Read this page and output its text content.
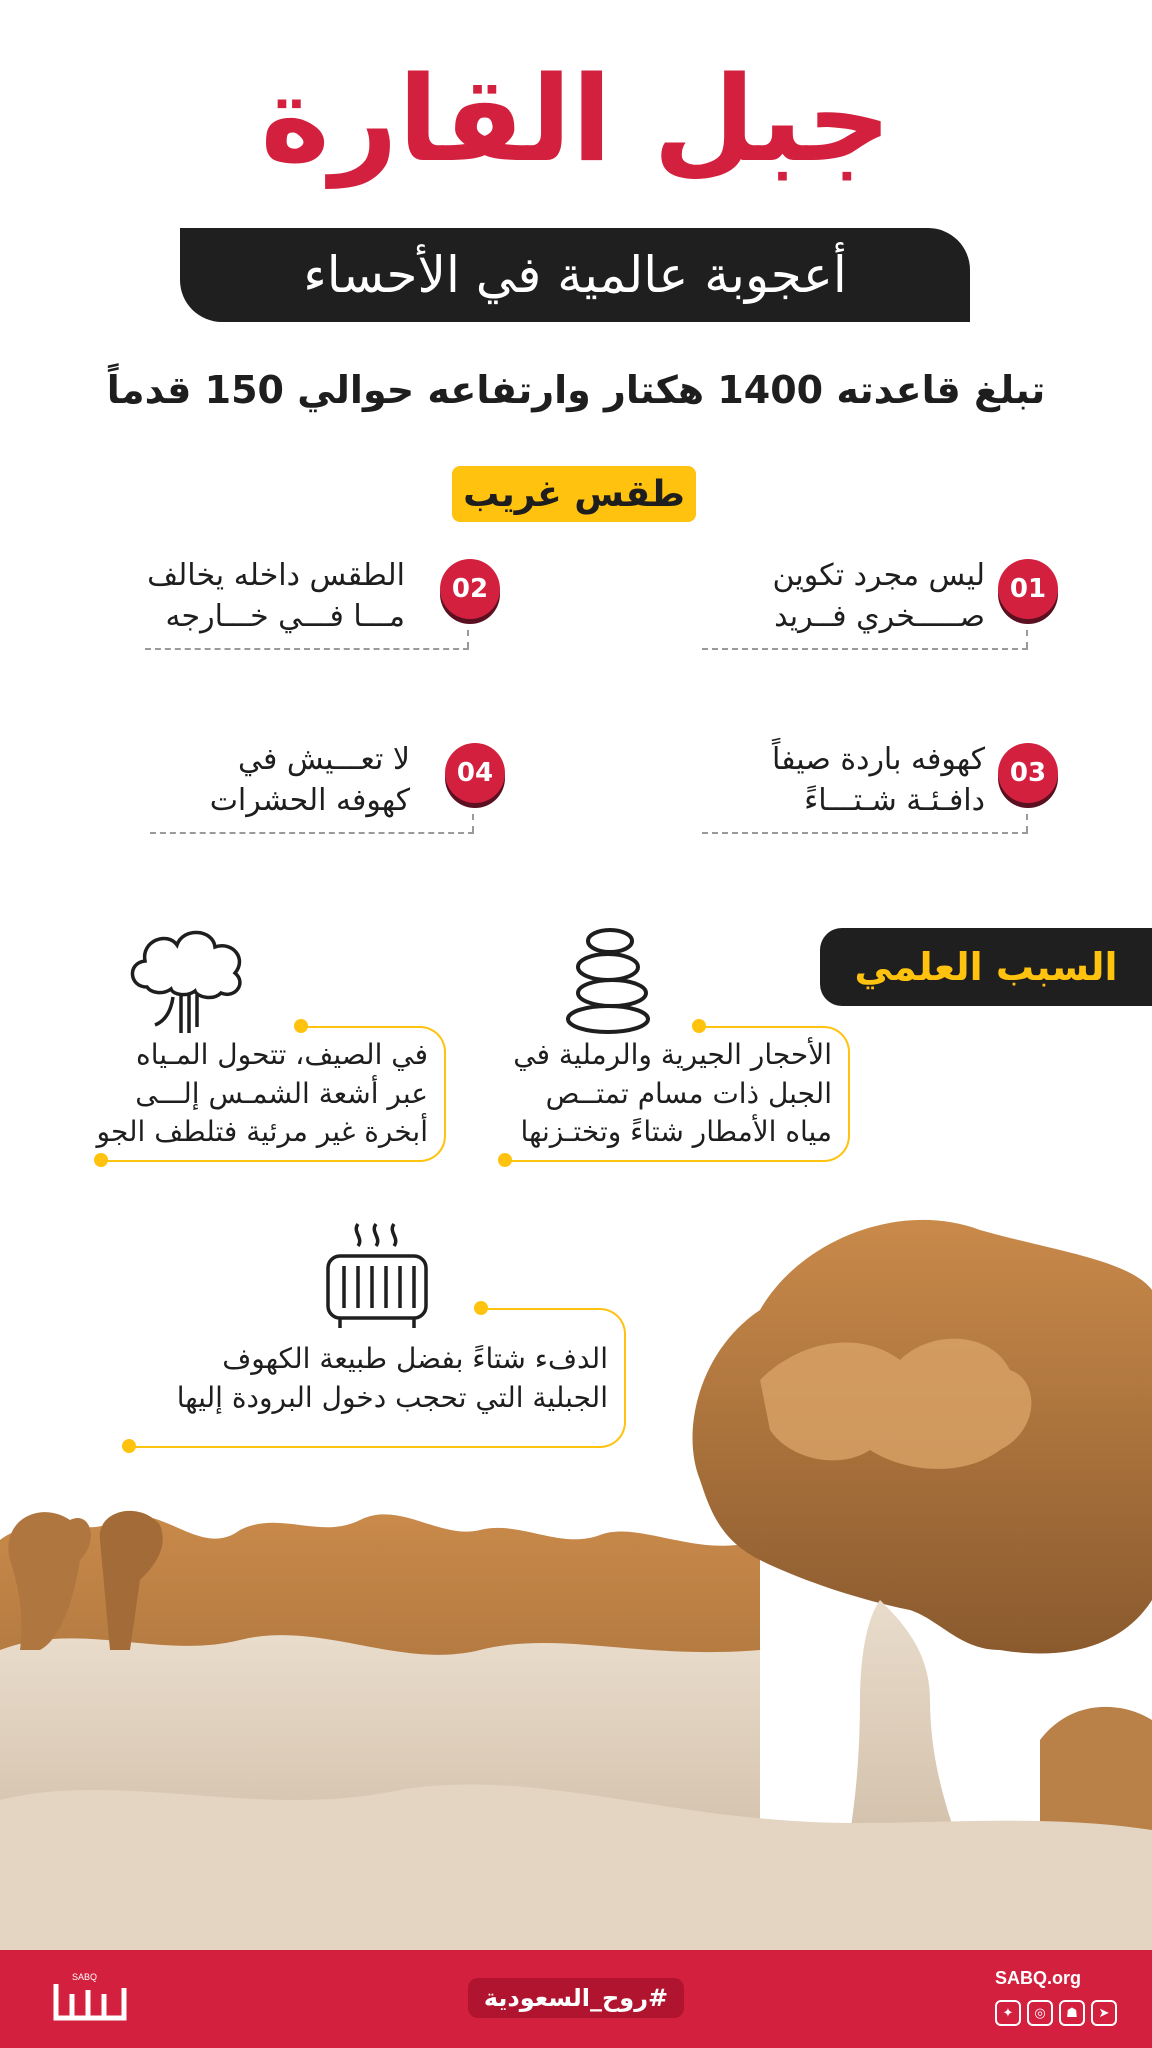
جبل القارة
أعجوبة عالمية في الأحساء
تبلغ قاعدته 1400 هكتار وارتفاعه حوالي 150 قدماً
طقس غريب
01
ليس مجرد تكوين
صـــــخري فــريد
02
الطقس داخله يخالف
مـــا فـــي خـــارجه
03
كهوفه باردة صيفاً
دافـئـة شـتـــاءً
04
لا تعـــيش في
كهوفه الحشرات
السبب العلمي
الأحجار الجيرية والرملية في
الجبل ذات مسام تمتــص
مياه الأمطار شتاءً وتختـزنها
في الصيف، تتحول المـياه
عبر أشعة الشمـس إلـــى
أبخرة غير مرئية فتلطف الجو
الدفء شتاءً بفضل طبيعة الكهوف
الجبلية التي تحجب دخول البرودة إليها
SABQ
#روح_السعودية
SABQ.org
✦	◎	☗	➤
